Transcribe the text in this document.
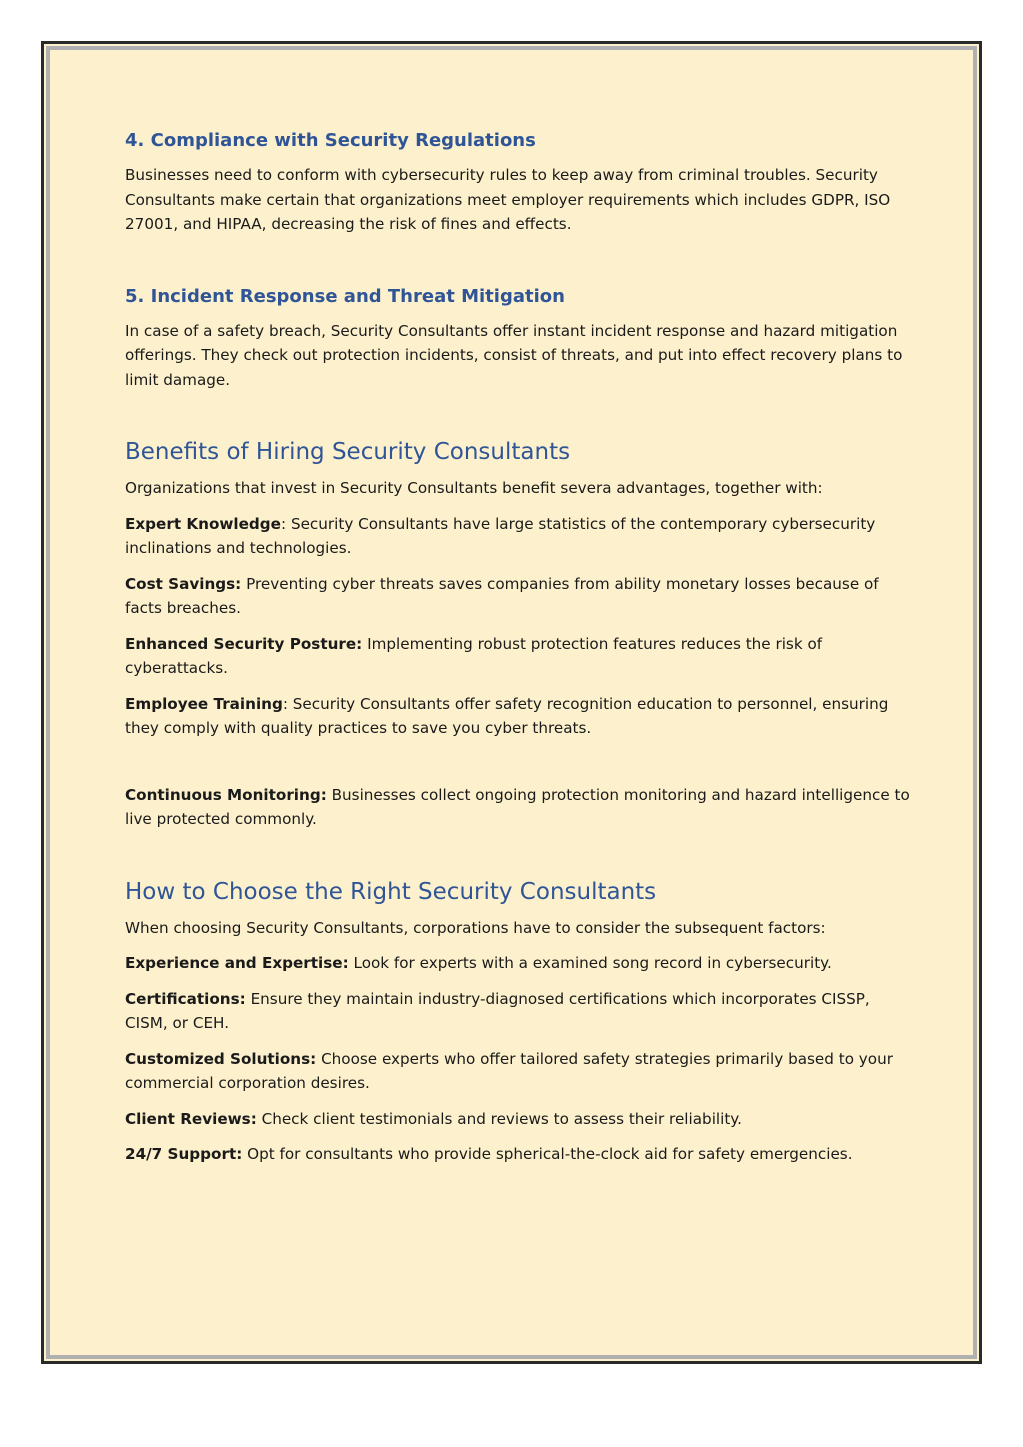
4. Compliance with Security Regulations

Businesses need to conform with cybersecurity rules to keep away from criminal troubles. Security Consultants make certain that organizations meet employer requirements which includes GDPR, ISO 27001, and HIPAA, decreasing the risk of fines and effects.

5. Incident Response and Threat Mitigation

In case of a safety breach, Security Consultants offer instant incident response and hazard mitigation offerings. They check out protection incidents, consist of threats, and put into effect recovery plans to limit damage.

Benefits of Hiring Security Consultants

Organizations that invest in Security Consultants benefit severa advantages, together with:

Expert Knowledge: Security Consultants have large statistics of the contemporary cybersecurity inclinations and technologies.

Cost Savings: Preventing cyber threats saves companies from ability monetary losses because of facts breaches.

Enhanced Security Posture: Implementing robust protection features reduces the risk of cyberattacks.

Employee Training: Security Consultants offer safety recognition education to personnel, ensuring they comply with quality practices to save you cyber threats.

Continuous Monitoring: Businesses collect ongoing protection monitoring and hazard intelligence to live protected commonly.

How to Choose the Right Security Consultants

When choosing Security Consultants, corporations have to consider the subsequent factors:

Experience and Expertise: Look for experts with a examined song record in cybersecurity.

Certifications: Ensure they maintain industry-diagnosed certifications which incorporates CISSP, CISM, or CEH.

Customized Solutions: Choose experts who offer tailored safety strategies primarily based to your commercial corporation desires.

Client Reviews: Check client testimonials and reviews to assess their reliability.

24/7 Support: Opt for consultants who provide spherical-the-clock aid for safety emergencies.
